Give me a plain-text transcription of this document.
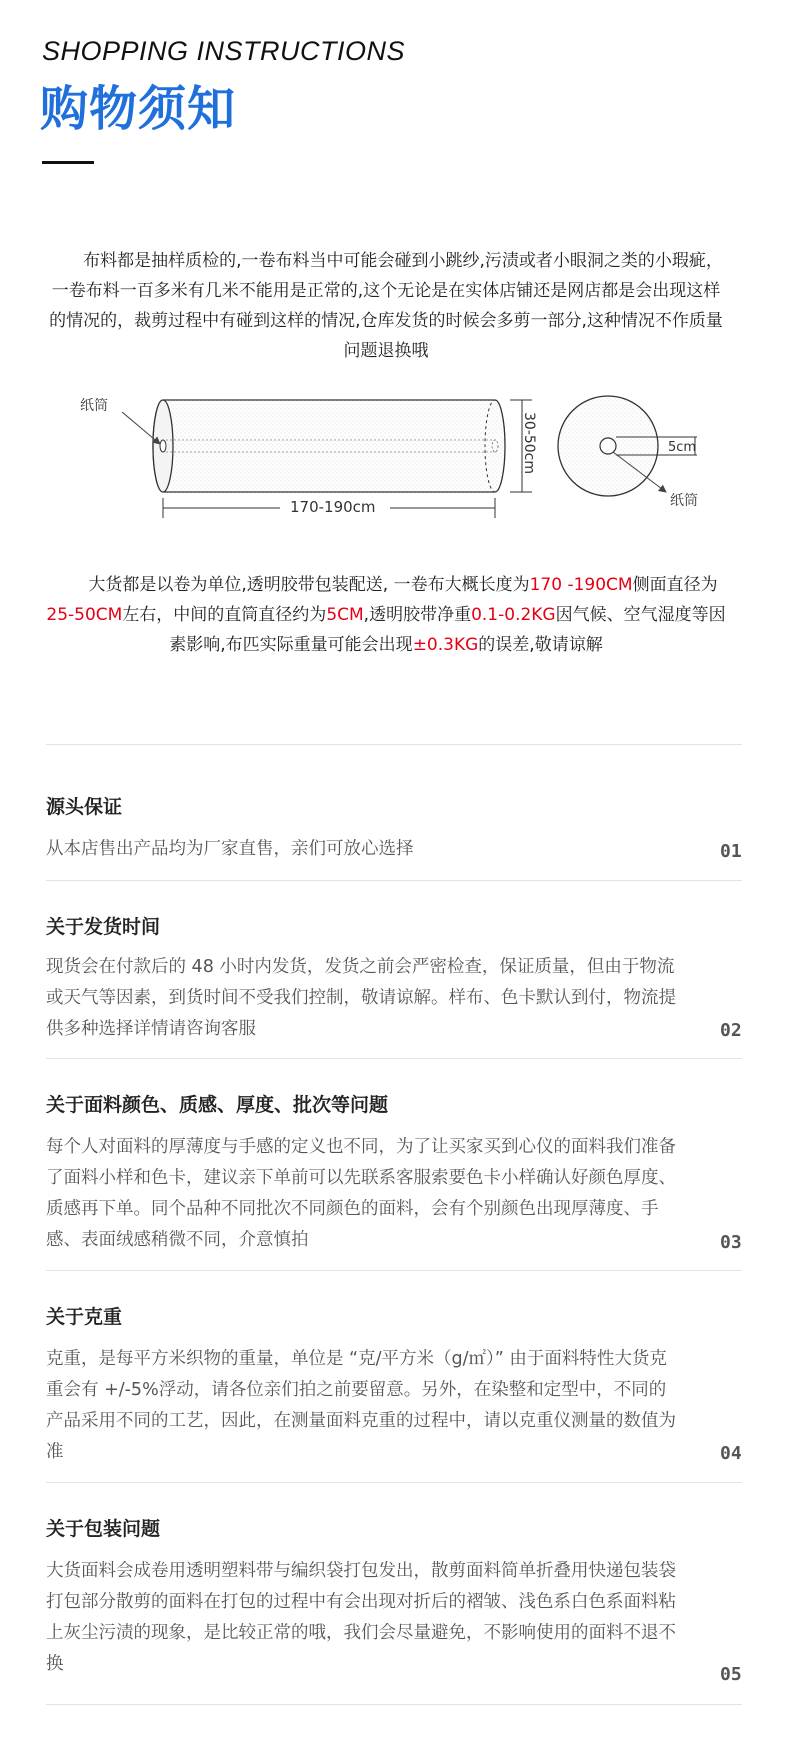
SHOPPING INSTRUCTIONS
购物须知

布料都是抽样质检的,一卷布料当中可能会碰到小跳纱,污渍或者小眼洞之类的小瑕疵，一卷布料一百多米有几米不能用是正常的,这个无论是在实体店铺还是网店都是会出现这样的情况的，裁剪过程中有碰到这样的情况,仓库发货的时候会多剪一部分,这种情况不作质量问题退换哦

纸筒
170-190cm
30-50cm	5cm
纸筒

大货都是以卷为单位,透明胶带包装配送, 一卷布大概长度为170 -190CM侧面直径为25-50CM左右，中间的直筒直径约为5CM,透明胶带净重0.1-0.2KG因气候、空气湿度等因素影响,布匹实际重量可能会出现±0.3KG的误差,敬请谅解

源头保证

从本店售出产品均为厂家直售，亲们可放心选择	01
关于发货时间

现货会在付款后的 48 小时内发货，发货之前会严密检查，保证质量，但由于物流或天气等因素，到货时间不受我们控制，敬请谅解。样布、色卡默认到付，物流提供多种选择详情请咨询客服	02
关于面料颜色、质感、厚度、批次等问题

每个人对面料的厚薄度与手感的定义也不同，为了让买家买到心仪的面料我们准备了面料小样和色卡，建议亲下单前可以先联系客服索要色卡小样确认好颜色厚度、质感再下单。同个品种不同批次不同颜色的面料，会有个别颜色出现厚薄度、手感、表面绒感稍微不同，介意慎拍	03
关于克重

克重，是每平方米织物的重量，单位是 “克/平方米（g/㎡）” 由于面料特性大货克重会有 +/-5%浮动，请各位亲们拍之前要留意。另外，在染整和定型中，不同的产品采用不同的工艺，因此，在测量面料克重的过程中，请以克重仪测量的数值为准	04
关于包装问题

大货面料会成卷用透明塑料带与编织袋打包发出，散剪面料简单折叠用快递包装袋打包部分散剪的面料在打包的过程中有会出现对折后的褶皱、浅色系白色系面料粘上灰尘污渍的现象，是比较正常的哦，我们会尽量避免，不影响使用的面料不退不换	05
